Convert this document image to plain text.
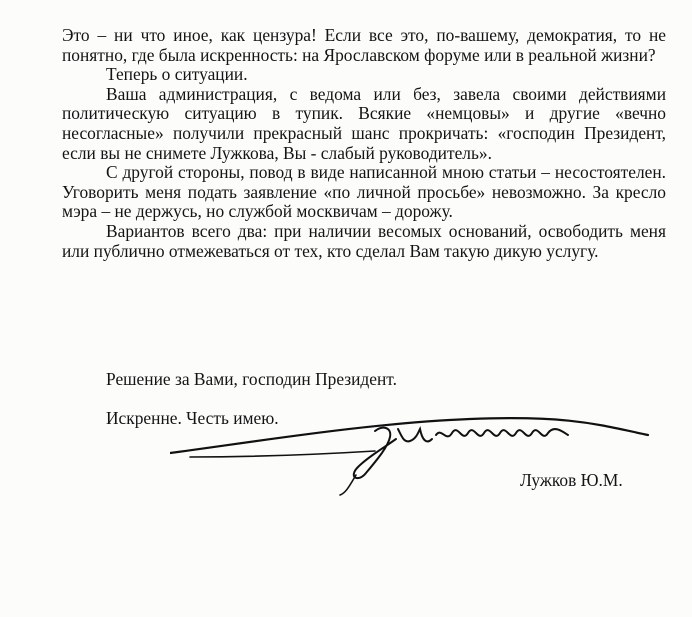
Это – ни что иное, как цензура! Если все это, по-вашему, демократия, то не понятно, где была искренность: на Ярославском форуме или в реальной жизни?

Теперь о ситуации.

Ваша администрация, с ведома или без, завела своими действиями политическую ситуацию в тупик. Всякие «немцовы» и другие «вечно несогласные» получили прекрасный шанс прокричать: «господин Президент, если вы не снимете Лужкова, Вы - слабый руководитель».

С другой стороны, повод в виде написанной мною статьи – несостоятелен. Уговорить меня подать заявление «по личной просьбе» невозможно. За кресло мэра – не держусь, но службой москвичам – дорожу.

Вариантов всего два: при наличии весомых оснований, освободить меня или публично отмежеваться от тех, кто сделал Вам такую дикую услугу.

Решение за Вами, господин Президент.
Искренне. Честь имею.
Лужков Ю.М.
